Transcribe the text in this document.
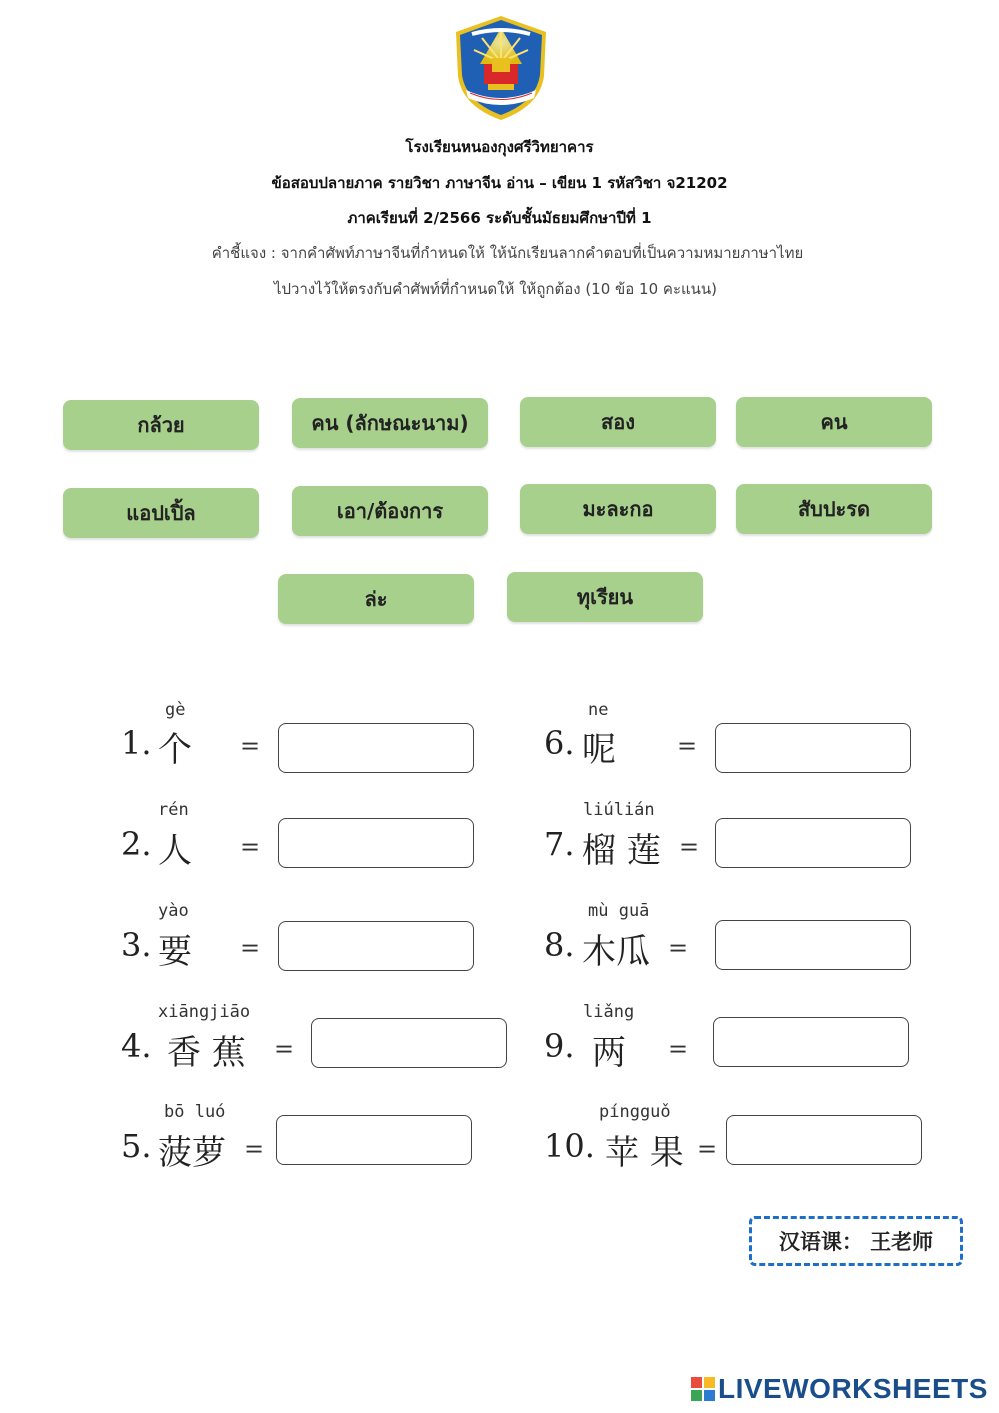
โรงเรียนหนองกุงศรีวิทยาคาร
ข้อสอบปลายภาค รายวิชา ภาษาจีน อ่าน – เขียน 1 รหัสวิชา จ21202
ภาคเรียนที่ 2/2566 ระดับชั้นมัธยมศึกษาปีที่ 1
คำชี้แจง : จากคำศัพท์ภาษาจีนที่กำหนดให้ ให้นักเรียนลากคำตอบที่เป็นความหมายภาษาไทย
ไปวางไว้ให้ตรงกับคำศัพท์ที่กำหนดให้ ให้ถูกต้อง (10 ข้อ 10 คะแนน)
กล้วย	คน (ลักษณะนาม)	สอง	คน
แอปเปิ้ล	เอา/ต้องการ	มะละกอ	สับปะรด
ล่ะ	ทุเรียน
gè
1. 个 =
rén
2. 人 =
yào
3. 要 =
xiāngjiāo
4. 香 蕉 =
bō luó
5. 菠萝 =
ne
6. 呢	=
liúlián
7. 榴 莲 =
mù guā
8. 木瓜 =
liǎng
9. 两 =
píngguǒ
10. 苹 果 =
汉语课： 王老师
LIVEWORKSHEETS
